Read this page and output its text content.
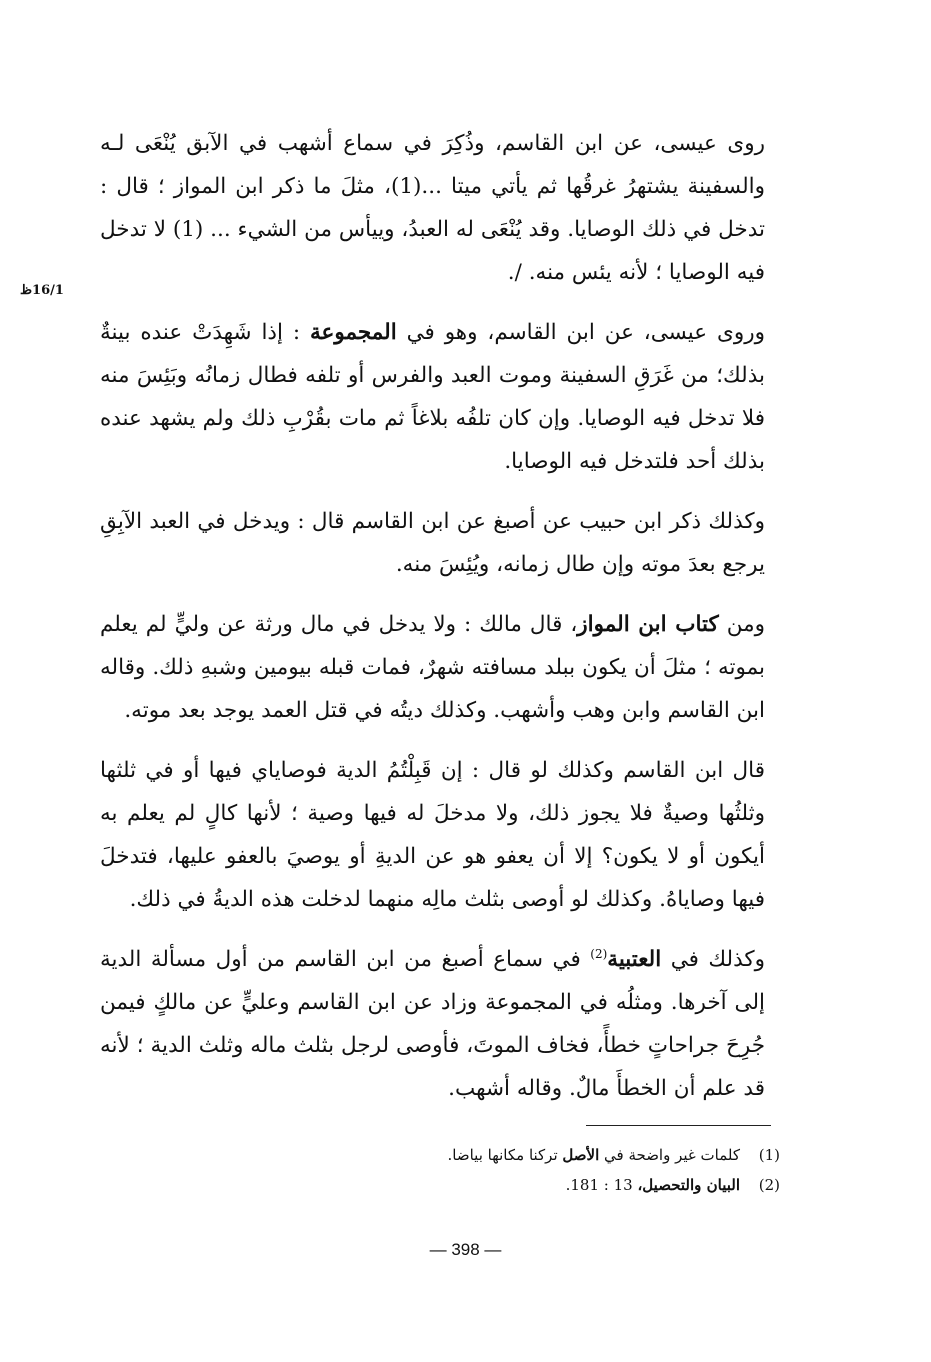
16/1ظ

روى عيسى، عن ابن القاسم، وذُكِرَ في سماع أشهب في الآبق يُنْعَى لـه والسفينة يشتهرُ غرقُها ثم يأتي ميتا ...(1)، مثلَ ما ذكر ابن المواز ؛ قال : تدخل في ذلك الوصايا. وقد يُنْعَى له العبدُ، وييأس من الشيء ... (1) لا تدخل فيه الوصايا ؛ لأنه يئس منه. /.

وروى عيسى، عن ابن القاسم، وهو في المجموعة : إذا شَهِدَتْ عنده بينةٌ بذلك؛ من غَرَقِ السفينة وموت العبد والفرس أو تلفه فطال زمانُه وبَئِسَ منه فلا تدخل فيه الوصايا. وإن كان تلفُه بلاغاً ثم مات بقُرْبِ ذلك ولم يشهد عنده بذلك أحد فلتدخل فيه الوصايا.

وكذلك ذكر ابن حبيب عن أصبغ عن ابن القاسم قال : ويدخل في العبد الآبِقِ يرجع بعدَ موته وإن طال زمانه، ويُئِسَ منه.

ومن كتاب ابن المواز، قال مالك : ولا يدخل في مال ورثة عن وليٍّ لم يعلم بموته ؛ مثلَ أن يكون ببلد مسافته شهرٌ، فمات قبله بيومين وشبهِ ذلك. وقاله ابن القاسم وابن وهب وأشهب. وكذلك ديتُه في قتل العمد يوجد بعد موته.

قال ابن القاسم وكذلك لو قال : إن قَبِلْتُمُ الدية فوصاياي فيها أو في ثلثها وثلثُها وصيةٌ فلا يجوز ذلك، ولا مدخلَ له فيها وصية ؛ لأنها كالٍ لم يعلم به أيكون أو لا يكون؟ إلا أن يعفو هو عن الديةِ أو يوصيَ بالعفو عليها، فتدخلَ فيها وصاياهُ. وكذلك لو أوصى بثلث مالِه منهما لدخلت هذه الديةُ في ذلك.

وكذلك في العتبية$^{(2)}$ في سماع أصبغ من ابن القاسم من أول مسألة الدية إلى آخرها. ومثلُه في المجموعة وزاد عن ابن القاسم وعليٍّ عن مالكٍ فيمن جُرِحَ جراحاتٍ خطأً، فخاف الموتَ، فأوصى لرجل بثلث ماله وثلث الدية ؛ لأنه قد علم أن الخطأَ مالٌ. وقاله أشهب.

(1)
كلمات غير واضحة في الأصل تركنا مكانها بياضا.
(2)
البيان والتحصيل، 13 : 181.
— 398 —
